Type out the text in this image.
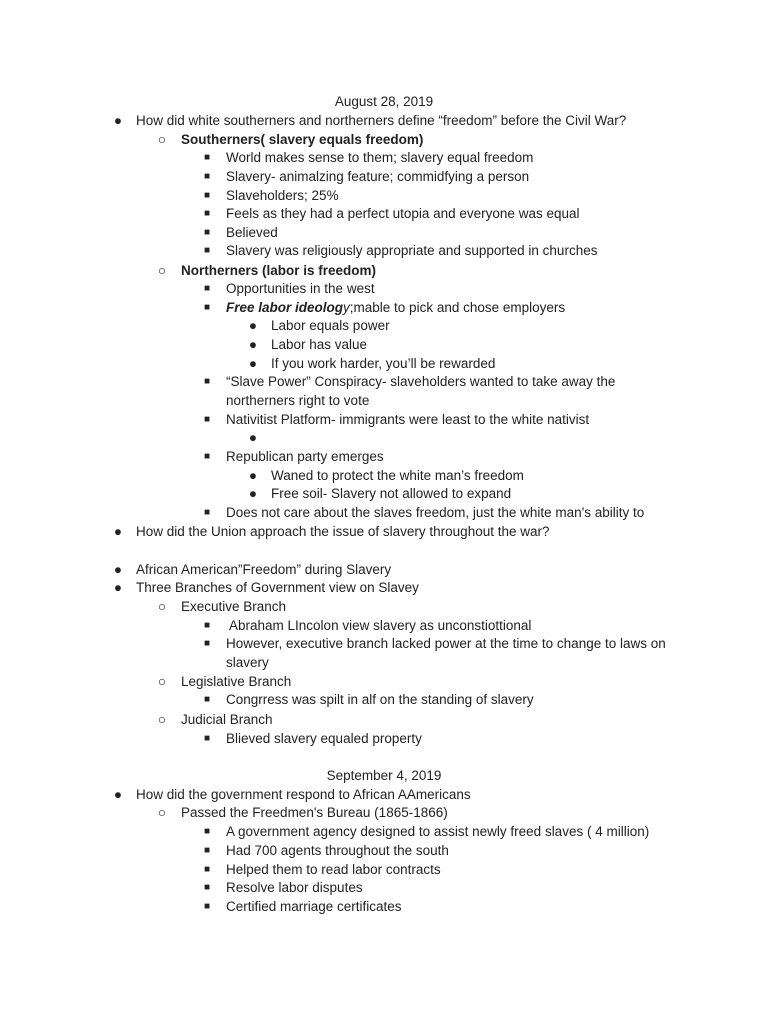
August 28, 2019
●	How did white southerners and northerners define “freedom” before the Civil War?
○	Southerners( slavery equals freedom)
■	World makes sense to them; slavery equal freedom
■	Slavery- animalzing feature; commidfying a person
■	Slaveholders; 25%
■	Feels as they had a perfect utopia and everyone was equal
■	Believed
■	Slavery was religiously appropriate and supported in churches
○	Northerners (labor is freedom)
■	Opportunities in the west
■	Free labor ideology;mable to pick and chose employers
●	Labor equals power
●	Labor has value
●	If you work harder, you’ll be rewarded
■	“Slave Power” Conspiracy- slaveholders wanted to take away the
northerners right to vote
■	Nativitist Platform- immigrants were least to the white nativist
●
■	Republican party emerges
●	Waned to protect the white man’s freedom
●	Free soil- Slavery not allowed to expand
■	Does not care about the slaves freedom, just the white man's ability to
●	How did the Union approach the issue of slavery throughout the war?
●	African American”Freedom” during Slavery
●	Three Branches of Government view on Slavey
○	Executive Branch
■	Abraham LIncolon view slavery as unconstiottional
■	However, executive branch lacked power at the time to change to laws on
slavery
○	Legislative Branch
■	Congrress was spilt in alf on the standing of slavery
○	Judicial Branch
■	Blieved slavery equaled property
September 4, 2019
●	How did the government respond to African AAmericans
○	Passed the Freedmen's Bureau (1865-1866)
■	A government agency designed to assist newly freed slaves ( 4 million)
■	Had 700 agents throughout the south
■	Helped them to read labor contracts
■	Resolve labor disputes
■	Certified marriage certificates
